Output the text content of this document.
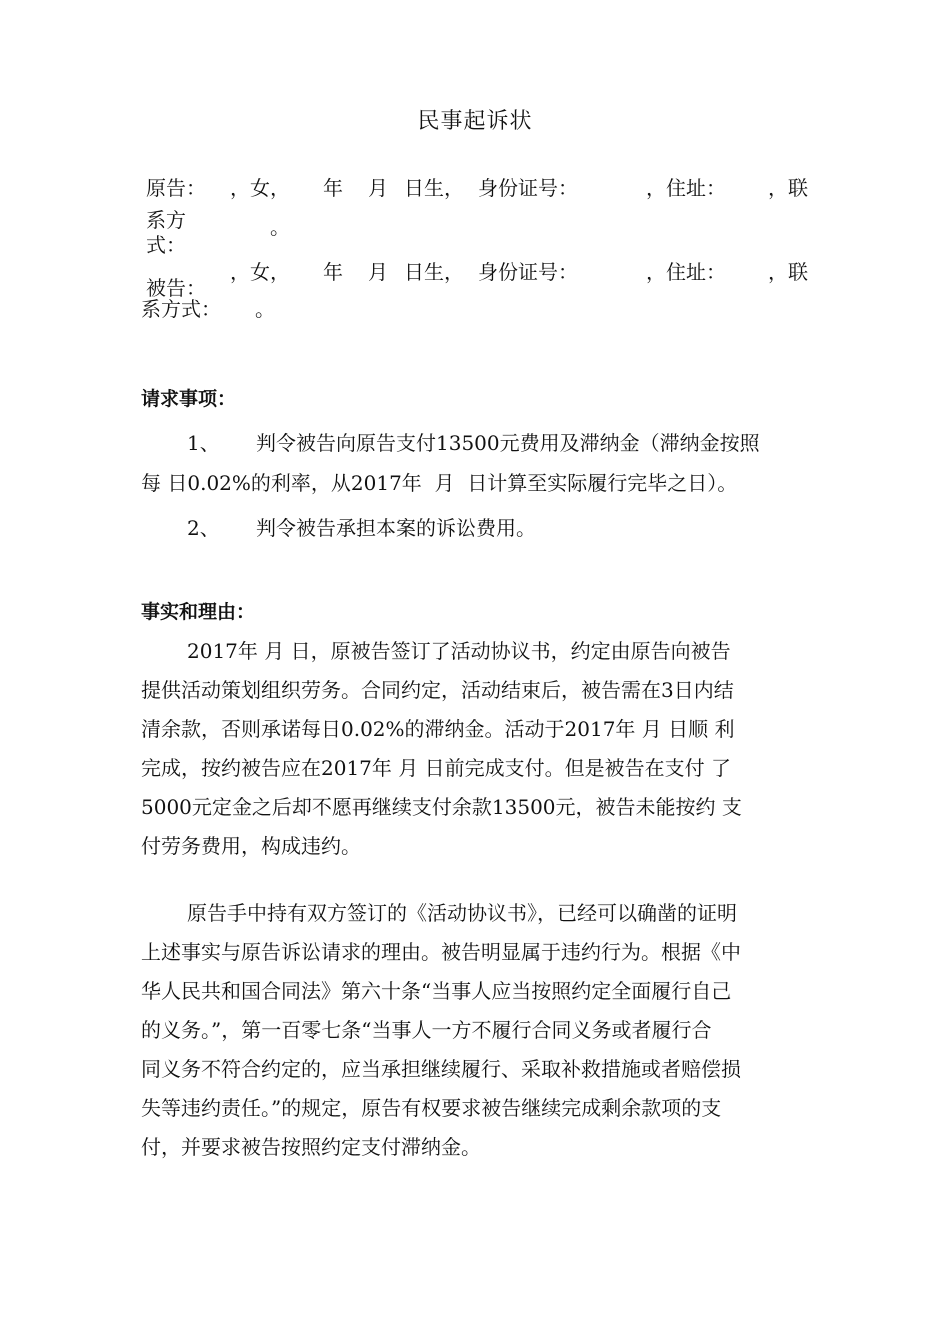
民事起诉状
原告： ，女， 年 月 日生， 身份证号：	，住址： ，联
系方	。
式：
被告：
，女， 年 月 日生， 身份证号：	，住址： ，联
系方式： 。
请求事项：
1、 判令被告向原告支付13500元费用及滞纳金（滞纳金按照
每 日0.02%的利率，从2017年  月  日计算至实际履行完毕之日）。
2、 判令被告承担本案的诉讼费用。
事实和理由：
2017年 月 日，原被告签订了活动协议书，约定由原告向被告
提供活动策划组织劳务。合同约定，活动结束后，被告需在3日内结
清余款，否则承诺每日0.02%的滞纳金。活动于2017年 月 日顺 利
完成，按约被告应在2017年 月 日前完成支付。但是被告在支付 了
5000元定金之后却不愿再继续支付余款13500元，被告未能按约 支
付劳务费用，构成违约。
原告手中持有双方签订的《活动协议书》，已经可以确凿的证明
上述事实与原告诉讼请求的理由。被告明显属于违约行为。根据《中
华人民共和国合同法》第六十条“当事人应当按照约定全面履行自己
的义务。”，第一百零七条“当事人一方不履行合同义务或者履行合
同义务不符合约定的，应当承担继续履行、采取补救措施或者赔偿损
失等违约责任。”的规定，原告有权要求被告继续完成剩余款项的支
付，并要求被告按照约定支付滞纳金。
